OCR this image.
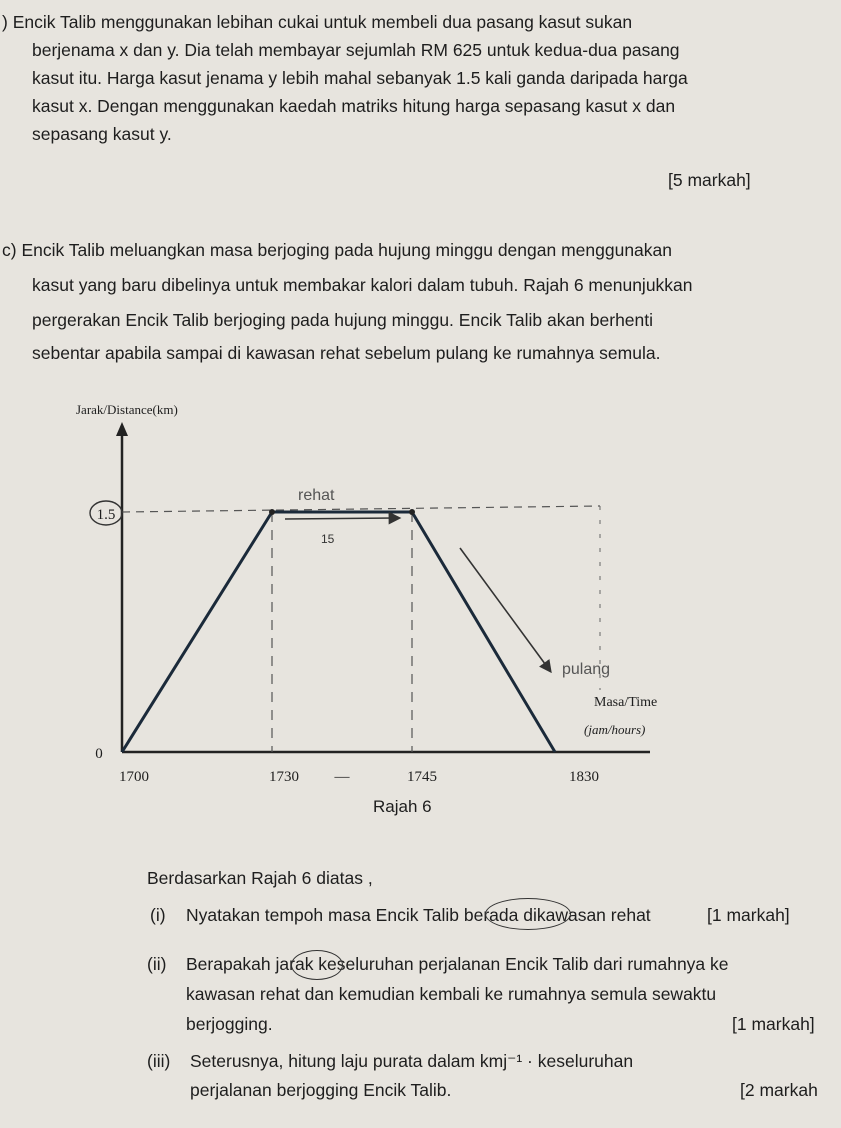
) Encik Talib menggunakan lebihan cukai untuk membeli dua pasang kasut sukan
berjenama x dan y. Dia telah membayar sejumlah RM 625 untuk kedua-dua pasang
kasut itu. Harga kasut jenama y lebih mahal sebanyak 1.5 kali ganda daripada harga
kasut x. Dengan menggunakan kaedah matriks hitung harga sepasang kasut x dan
sepasang kasut y.
[5 markah]
c) Encik Talib meluangkan masa berjoging pada hujung minggu dengan menggunakan
kasut yang baru dibelinya untuk membakar kalori dalam tubuh. Rajah 6 menunjukkan
pergerakan Encik Talib berjoging pada hujung minggu. Encik Talib akan berhenti
sebentar apabila sampai di kawasan rehat sebelum pulang ke rumahnya semula.
Jarak/Distance(km)
Masa/Time
(jam/hours)
1700	1730	1745	1830
0
1.5
rehat
15
pulang
—
Rajah 6
Berdasarkan Rajah 6 diatas ,
(i) Nyatakan tempoh masa Encik Talib berada dikawasan rehat	[1 markah]
(ii) Berapakah jarak keseluruhan perjalanan Encik Talib dari rumahnya ke
kawasan rehat dan kemudian kembali ke rumahnya semula sewaktu
berjogging.	[1 markah]
(iii) Seterusnya, hitung laju purata dalam kmj⁻¹ · keseluruhan
perjalanan berjogging Encik Talib.	[2 markah
